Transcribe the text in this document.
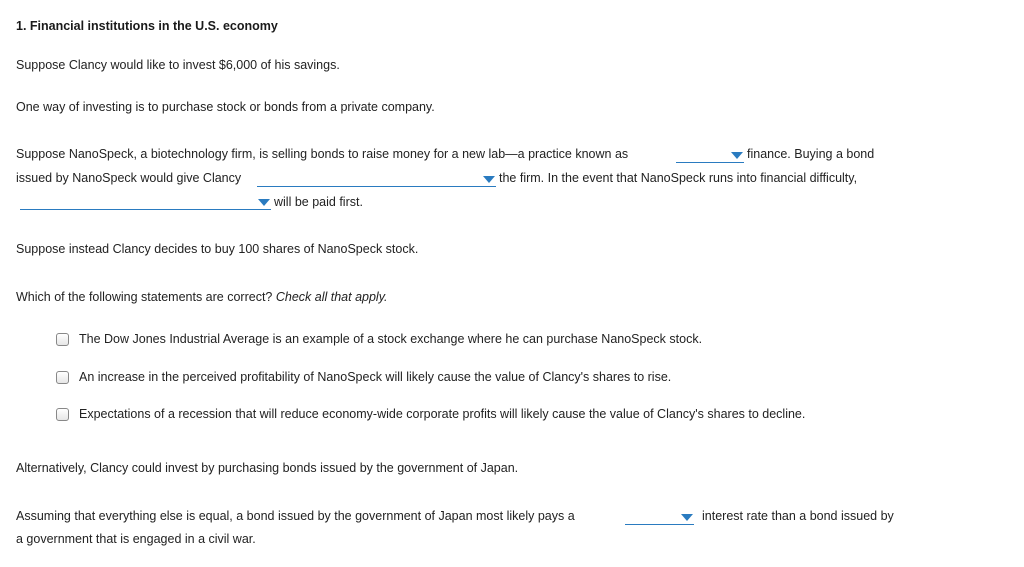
1. Financial institutions in the U.S. economy
Suppose Clancy would like to invest $6,000 of his savings.
One way of investing is to purchase stock or bonds from a private company.
Suppose NanoSpeck, a biotechnology firm, is selling bonds to raise money for a new lab—a practice known as	finance. Buying a bond
issued by NanoSpeck would give Clancy	the firm. In the event that NanoSpeck runs into financial difficulty,
will be paid first.
Suppose instead Clancy decides to buy 100 shares of NanoSpeck stock.
Which of the following statements are correct? Check all that apply.
The Dow Jones Industrial Average is an example of a stock exchange where he can purchase NanoSpeck stock.
An increase in the perceived profitability of NanoSpeck will likely cause the value of Clancy's shares to rise.
Expectations of a recession that will reduce economy-wide corporate profits will likely cause the value of Clancy's shares to decline.
Alternatively, Clancy could invest by purchasing bonds issued by the government of Japan.
Assuming that everything else is equal, a bond issued by the government of Japan most likely pays a	interest rate than a bond issued by
a government that is engaged in a civil war.
